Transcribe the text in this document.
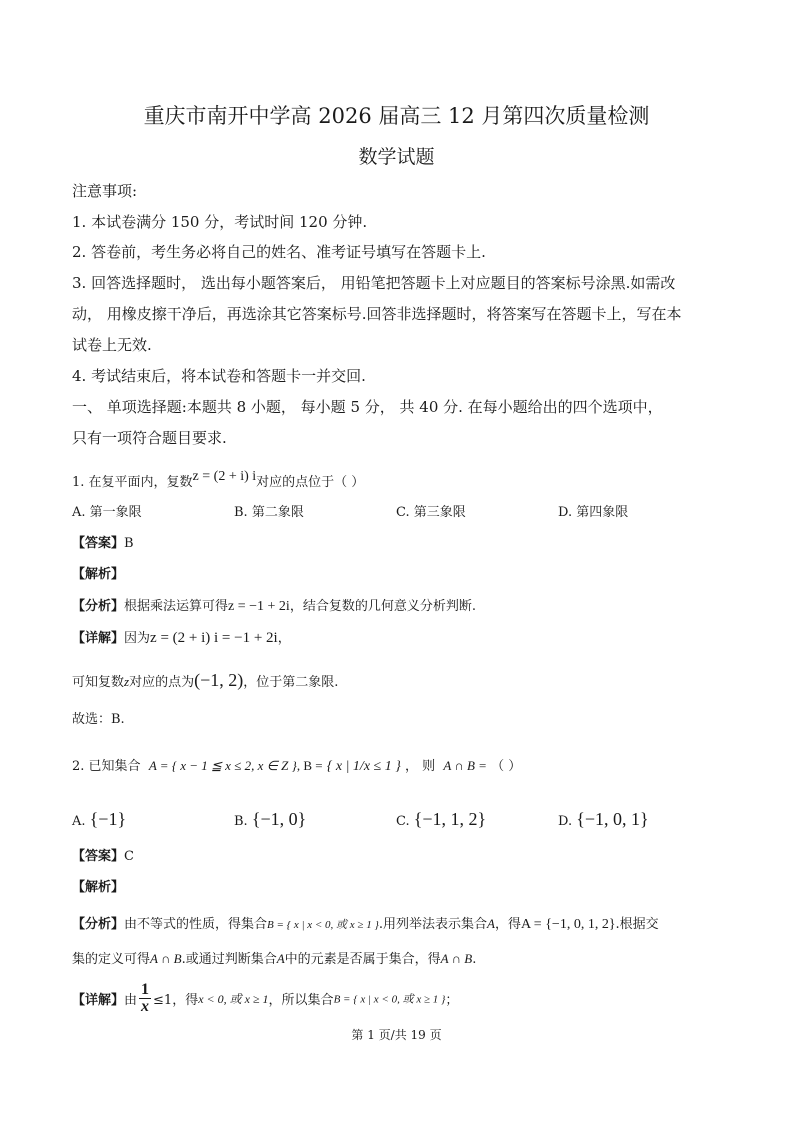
重庆市南开中学高 2026 届高三 12 月第四次质量检测
数学试题
注意事项:
1. 本试卷满分 150 分，考试时间 120 分钟.
2. 答卷前，考生务必将自己的姓名、准考证号填写在答题卡上.
3. 回答选择题时， 选出每小题答案后， 用铅笔把答题卡上对应题目的答案标号涂黑.如需改
动， 用橡皮擦干净后，再选涂其它答案标号.回答非选择题时，将答案写在答题卡上，写在本
试卷上无效.
4. 考试结束后，将本试卷和答题卡一并交回.
一、 单项选择题:本题共 8 小题， 每小题 5 分， 共 40 分. 在每小题给出的四个选项中，
只有一项符合题目要求.
1. 在复平面内，复数z = (2 + i) i对应的点位于（ ）
A. 第一象限	B. 第二象限	C. 第三象限	D. 第四象限
【答案】B
【解析】
【分析】根据乘法运算可得z = −1 + 2i，结合复数的几何意义分析判断.
【详解】因为z = (2 + i) i = −1 + 2i，
可知复数z对应的点为(−1, 2)，位于第二象限.
故选：B.
2. 已知集合 A = { x − 1 ≦ x ≤ 2, x ∈ Z }, B = { x | 1/x ≤ 1 } ， 则 A ∩ B = （ ）
A. {−1}	B. {−1, 0}	C. {−1, 1, 2}	D. {−1, 0, 1}
【答案】C
【解析】
【分析】由不等式的性质，得集合B = { x | x < 0, 或 x ≥ 1 }.用列举法表示集合A，得A = {−1, 0, 1, 2}.根据交
集的定义可得A ∩ B.或通过判断集合A中的元素是否属于集合，得A ∩ B.
【详解】由 $\frac{1}{x} \le 1$，得x < 0, 或 x ≥ 1，所以集合B = { x | x < 0, 或 x ≥ 1 }；
第 1 页/共 19 页
